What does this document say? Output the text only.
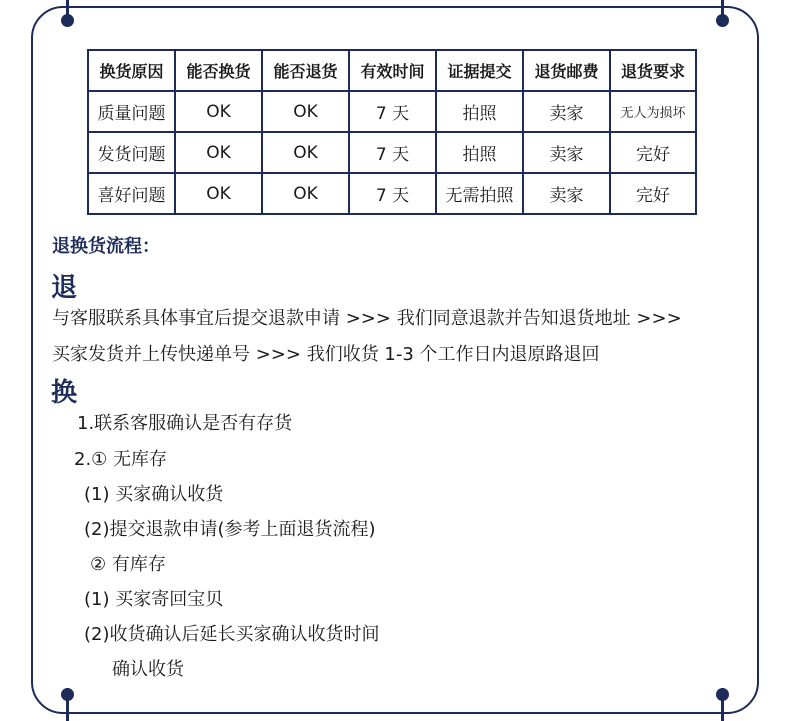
换货原因	能否换货	能否退货	有效时间	证据提交	退货邮费	退货要求
质量问题	OK	OK	7 天	拍照	卖家	无人为损坏
发货问题	OK	OK	7 天	拍照	卖家	完好
喜好问题	OK	OK	7 天	无需拍照	卖家	完好
退换货流程：
退
与客服联系具体事宜后提交退款申请 >>> 我们同意退款并告知退货地址 >>>
买家发货并上传快递单号 >>> 我们收货 1-3 个工作日内退原路退回
换
1.联系客服确认是否有存货
2.① 无库存
(1) 买家确认收货
(2)提交退款申请(参考上面退货流程)
② 有库存
(1) 买家寄回宝贝
(2)收货确认后延长买家确认收货时间
确认收货
